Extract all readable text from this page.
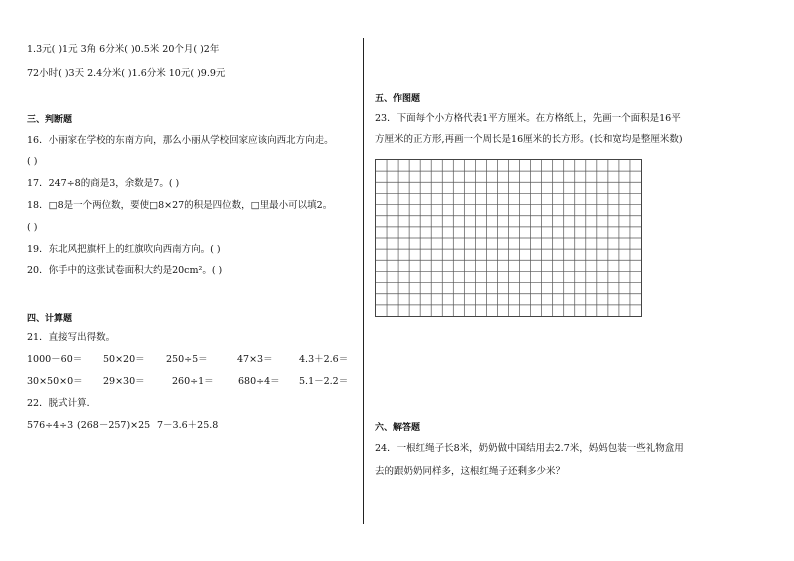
1.3元( )1元 3角 6分米( )0.5米 20个月( )2年
72小时( )3天 2.4分米( )1.6分米 10元( )9.9元
三、判断题
16．小丽家在学校的东南方向，那么小丽从学校回家应该向西北方向走。
( )
17．247÷8的商是3，余数是7。( )
18．□8是一个两位数，要使□8×27的积是四位数，□里最小可以填2。
( )
19．东北风把旗杆上的红旗吹向西南方向。( )
20．你手中的这张试卷面积大约是20cm²。( )
四、计算题
21．直接写出得数。
1000－60＝ 50×20＝ 250÷5＝	47×3＝	4.3＋2.6＝
30×50×0＝ 29×30＝	260÷1＝	680÷4＝ 5.1－2.2＝
22．脱式计算．
576÷4÷3 (268－257)×25 7－3.6＋25.8
五、作图题
23．下面每个小方格代表1平方厘米。在方格纸上，先画一个面积是16平
方厘米的正方形,再画一个周长是16厘米的长方形。(长和宽均是整厘米数)
六、解答题
24．一根红绳子长8米，奶奶做中国结用去2.7米，妈妈包装一些礼物盒用
去的跟奶奶同样多，这根红绳子还剩多少米？
